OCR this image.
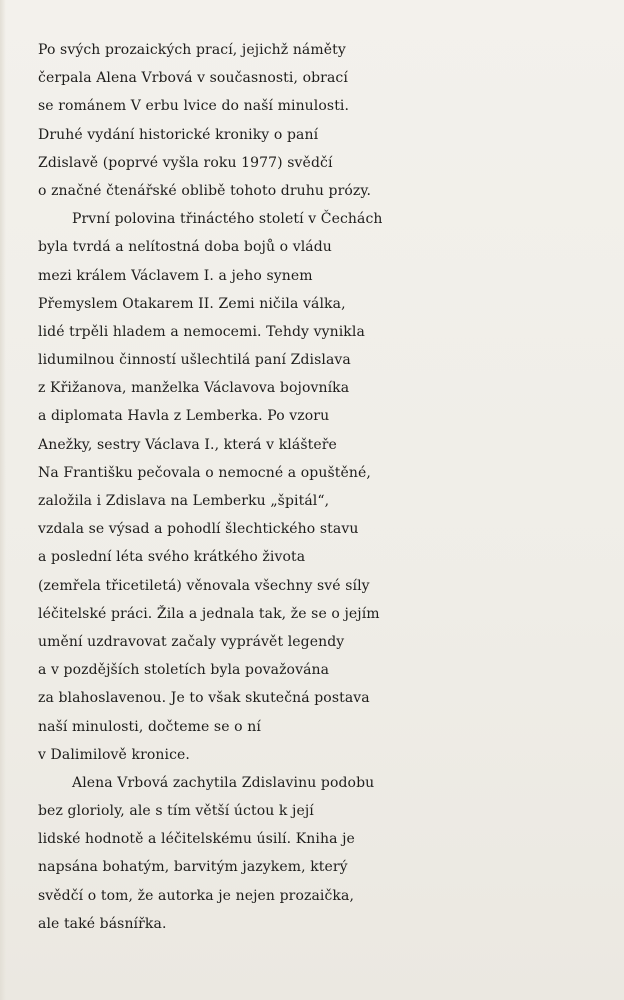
Po svých prozaických prací, jejichž náměty
čerpala Alena Vrbová v současnosti, obrací
se románem V erbu lvice do naší minulosti.
Druhé vydání historické kroniky o paní
Zdislavě (poprvé vyšla roku 1977) svědčí
o značné čtenářské oblibě tohoto druhu prózy.
První polovina třináctého století v Čechách
byla tvrdá a nelítostná doba bojů o vládu
mezi králem Václavem I. a jeho synem
Přemyslem Otakarem II. Zemi ničila válka,
lidé trpěli hladem a nemocemi. Tehdy vynikla
lidumilnou činností ušlechtilá paní Zdislava
z Křižanova, manželka Václavova bojovníka
a diplomata Havla z Lemberka. Po vzoru
Anežky, sestry Václava I., která v klášteře
Na Františku pečovala o nemocné a opuštěné,
založila i Zdislava na Lemberku „špitál“,
vzdala se výsad a pohodlí šlechtického stavu
a poslední léta svého krátkého života
(zemřela třicetiletá) věnovala všechny své síly
léčitelské práci. Žila a jednala tak, že se o jejím
umění uzdravovat začaly vyprávět legendy
a v pozdějších stoletích byla považována
za blahoslavenou. Je to však skutečná postava
naší minulosti, dočteme se o ní
v Dalimilově kronice.
Alena Vrbová zachytila Zdislavinu podobu
bez glorioly, ale s tím větší úctou k její
lidské hodnotě a léčitelskému úsilí. Kniha je
napsána bohatým, barvitým jazykem, který
svědčí o tom, že autorka je nejen prozaička,
ale také básnířka.
